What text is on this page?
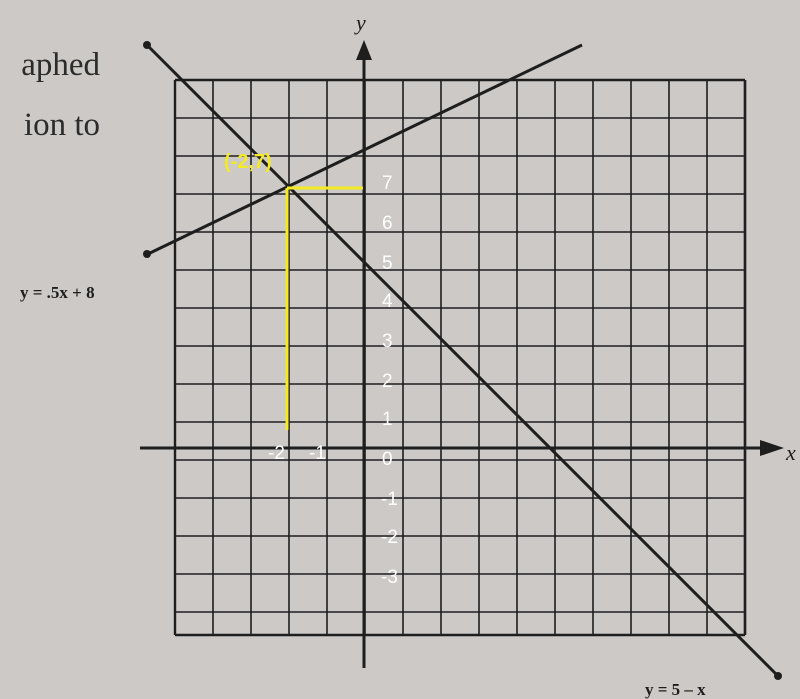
aphed
ion to
y
x
y = .5x + 8
y = 5 – x
(-2,7)
7
6
5
4
3
2
1
0
-1
-2
-3
-2 -1
